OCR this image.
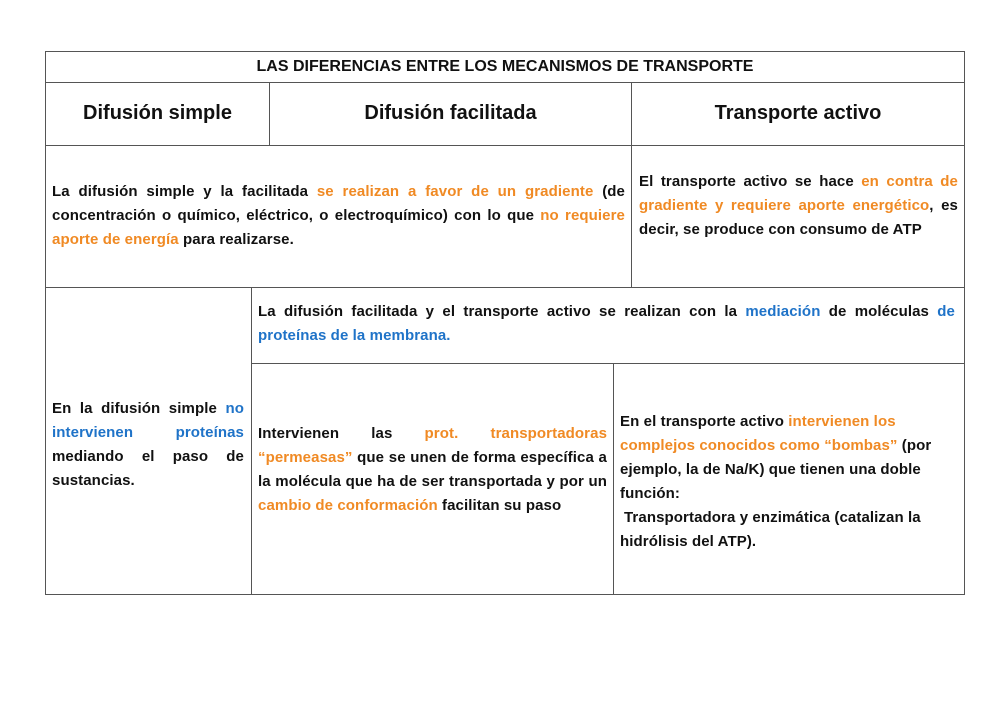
LAS DIFERENCIAS ENTRE LOS MECANISMOS DE TRANSPORTE
Difusión simple	Difusión facilitada	Transporte activo
La difusión simple y la facilitada se realizan a favor de un gradiente (de concentración o químico, eléctrico, o electroquímico) con lo que no requiere aporte de energía para realizarse.
El transporte activo se hace en contra de gradiente y requiere aporte energético, es decir, se produce con consumo de ATP
En la difusión simple no intervienen proteínas mediando el paso de sustancias.
La difusión facilitada y el transporte activo se realizan con la mediación de moléculas de proteínas de la membrana.
Intervienen las prot. transportadoras “permeasas” que se unen de forma específica a la molécula que ha de ser transportada y por un cambio de conformación facilitan su paso
En el transporte activo intervienen los complejos conocidos como “bombas” (por ejemplo, la de Na/K) que tienen una doble función:
Transportadora y enzimática (catalizan la hidrólisis del ATP).
